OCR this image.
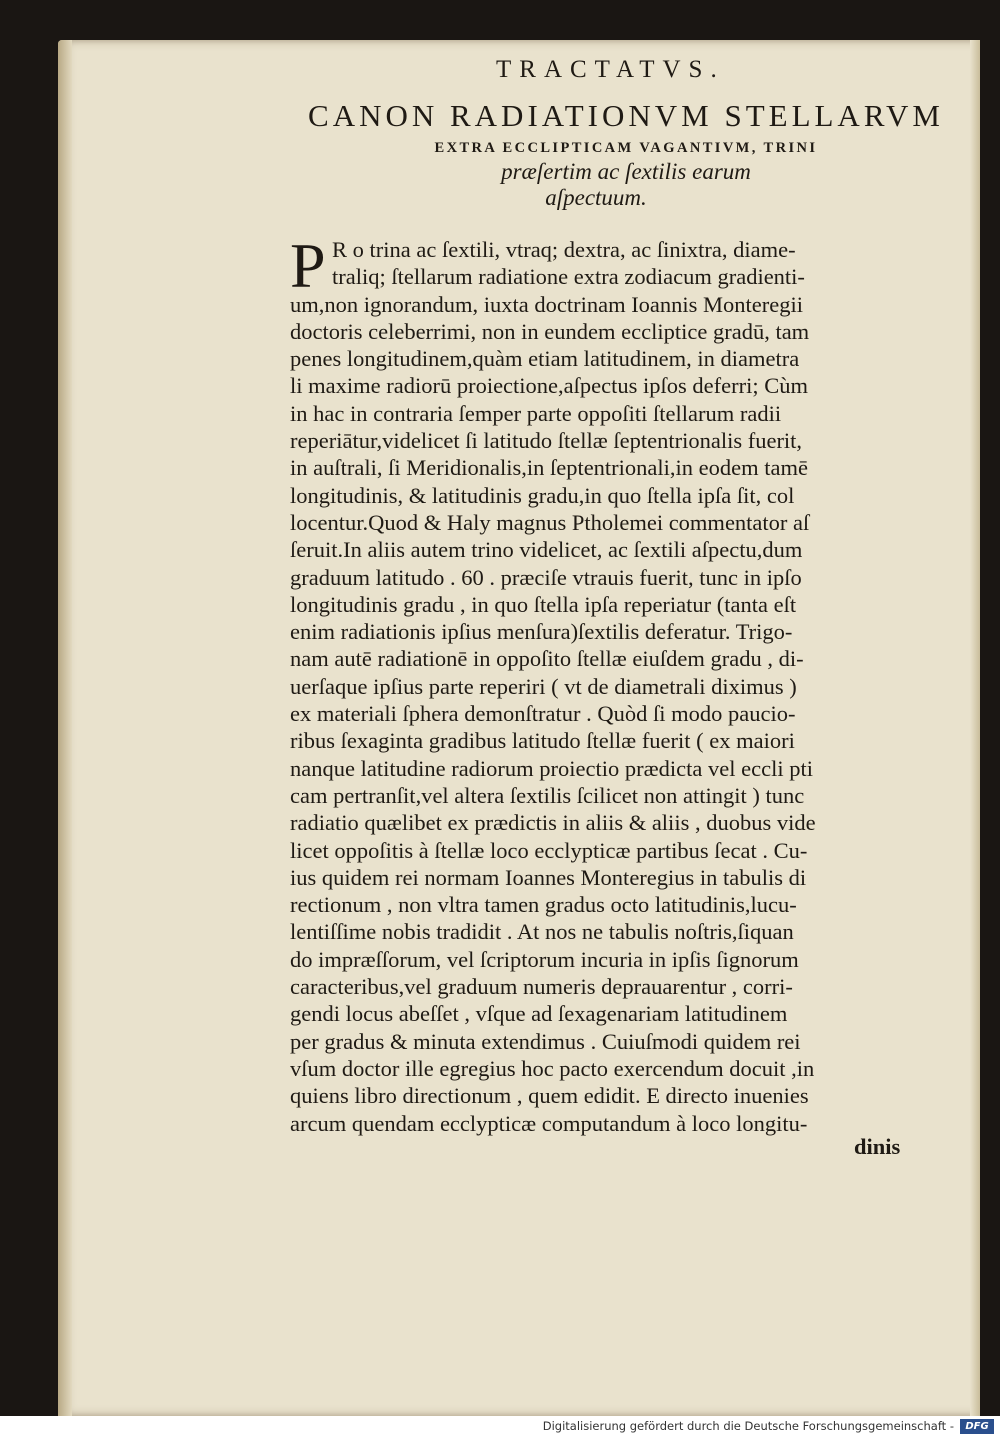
TRACTATVS.

CANON RADIATIONVM STELLARVM

EXTRA ECCLIPTICAM VAGANTIVM, TRINI

præſertim ac ſextilis earum

aſpectuum.

P R o trina ac ſextili, vtraq; dextra, ac ſinixtra, diame-
traliq; ſtellarum radiatione extra zodiacum gradienti-
um,non ignorandum, iuxta doctrinam Ioannis Monteregii
doctoris celeberrimi, non in eundem eccliptice gradū, tam
penes longitudinem,quàm etiam latitudinem, in diametra
li maxime radiorū proiectione,aſpectus ipſos deferri; Cùm
in hac in contraria ſemper parte oppoſiti ſtellarum radii
reperiātur,videlicet ſi latitudo ſtellæ ſeptentrionalis fuerit,
in auſtrali, ſi Meridionalis,in ſeptentrionali,in eodem tamē
longitudinis, & latitudinis gradu,in quo ſtella ipſa ſit, col
locentur.Quod & Haly magnus Ptholemei commentator aſ
ſeruit.In aliis autem trino videlicet, ac ſextili aſpectu,dum
graduum latitudo . 60 . præciſe vtrauis fuerit, tunc in ipſo
longitudinis gradu , in quo ſtella ipſa reperiatur (tanta eſt
enim radiationis ipſius menſura)ſextilis deferatur. Trigo-
nam autē radiationē in oppoſito ſtellæ eiuſdem gradu , di-
uerſaque ipſius parte reperiri ( vt de diametrali diximus )
ex materiali ſphera demonſtratur . Quòd ſi modo paucio-
ribus ſexaginta gradibus latitudo ſtellæ fuerit ( ex maiori
nanque latitudine radiorum proiectio prædicta vel eccli pti
cam pertranſit,vel altera ſextilis ſcilicet non attingit ) tunc
radiatio quælibet ex prædictis in aliis & aliis , duobus vide
licet oppoſitis à ſtellæ loco ecclypticæ partibus ſecat . Cu-
ius quidem rei normam Ioannes Monteregius in tabulis di
rectionum , non vltra tamen gradus octo latitudinis,lucu-
lentiſſime nobis tradidit . At nos ne tabulis noſtris,ſiquan
do impræſſorum, vel ſcriptorum incuria in ipſis ſignorum
caracteribus,vel graduum numeris deprauarentur , corri-
gendi locus abeſſet , vſque ad ſexagenariam latitudinem
per gradus & minuta extendimus . Cuiuſmodi quidem rei
vſum doctor ille egregius hoc pacto exercendum docuit ,in
quiens libro directionum , quem edidit. E directo inuenies
arcum quendam ecclypticæ computandum à loco longitu-
dinis
Digitalisierung gefördert durch die Deutsche Forschungsgemeinschaft -	DFG
